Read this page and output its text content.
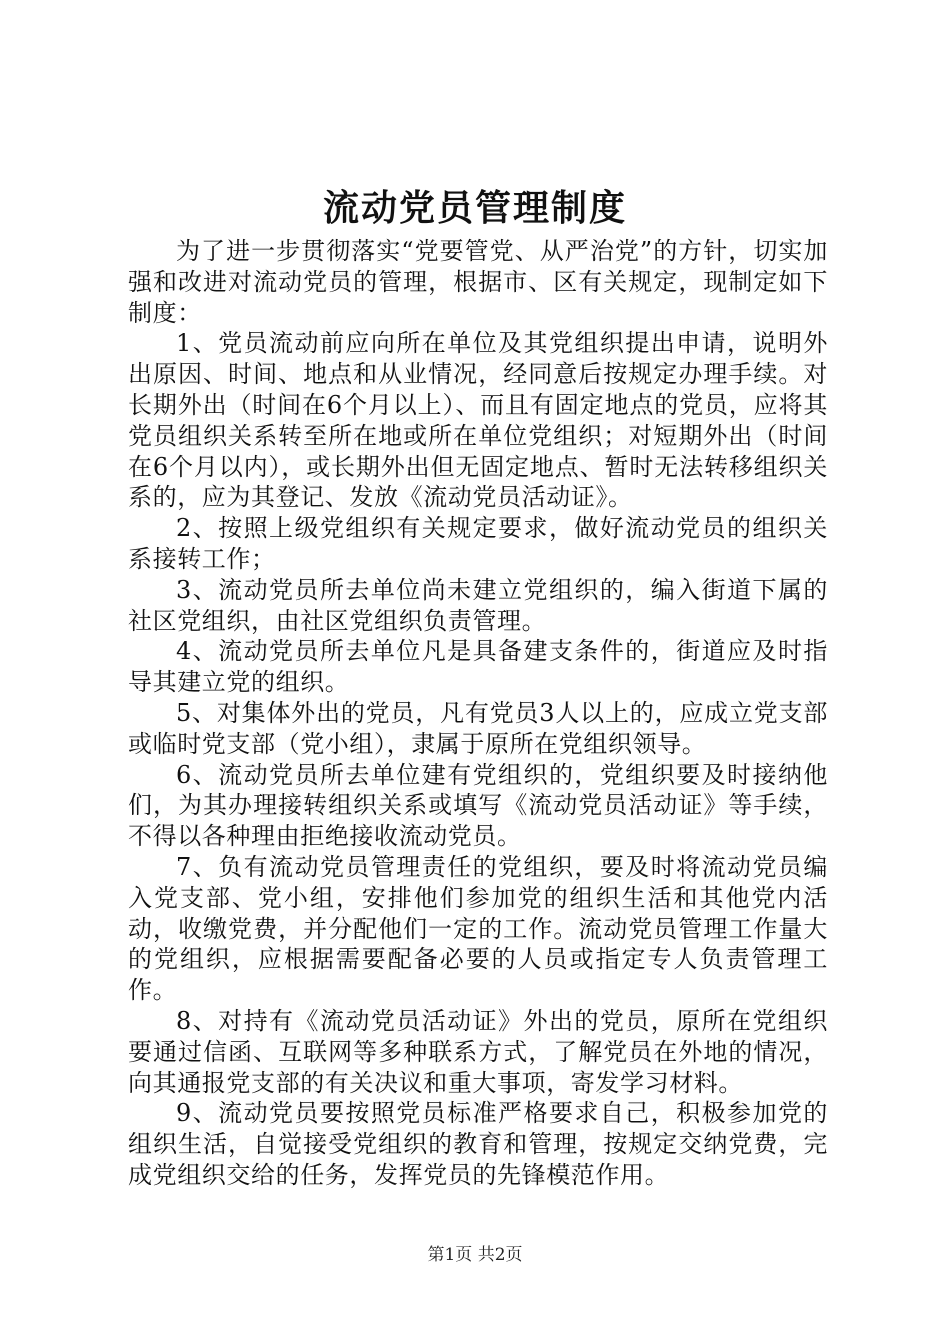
流动党员管理制度

为了进一步贯彻落实“党要管党、从严治党”的方针，切实加强和改进对流动党员的管理，根据市、区有关规定，现制定如下制度：

1、党员流动前应向所在单位及其党组织提出申请，说明外出原因、时间、地点和从业情况，经同意后按规定办理手续。对长期外出（时间在6个月以上）、而且有固定地点的党员，应将其党员组织关系转至所在地或所在单位党组织；对短期外出（时间在6个月以内），或长期外出但无固定地点、暂时无法转移组织关系的，应为其登记、发放《流动党员活动证》。

2、按照上级党组织有关规定要求，做好流动党员的组织关系接转工作；

3、流动党员所去单位尚未建立党组织的，编入街道下属的社区党组织，由社区党组织负责管理。

4、流动党员所去单位凡是具备建支条件的，街道应及时指导其建立党的组织。

5、对集体外出的党员，凡有党员3人以上的，应成立党支部或临时党支部（党小组），隶属于原所在党组织领导。

6、流动党员所去单位建有党组织的，党组织要及时接纳他们，为其办理接转组织关系或填写《流动党员活动证》等手续，不得以各种理由拒绝接收流动党员。

7、负有流动党员管理责任的党组织，要及时将流动党员编入党支部、党小组，安排他们参加党的组织生活和其他党内活动，收缴党费，并分配他们一定的工作。流动党员管理工作量大的党组织，应根据需要配备必要的人员或指定专人负责管理工作。

8、对持有《流动党员活动证》外出的党员，原所在党组织要通过信函、互联网等多种联系方式，了解党员在外地的情况，向其通报党支部的有关决议和重大事项，寄发学习材料。

9、流动党员要按照党员标准严格要求自己，积极参加党的组织生活，自觉接受党组织的教育和管理，按规定交纳党费，完成党组织交给的任务，发挥党员的先锋模范作用。

第1页 共2页
